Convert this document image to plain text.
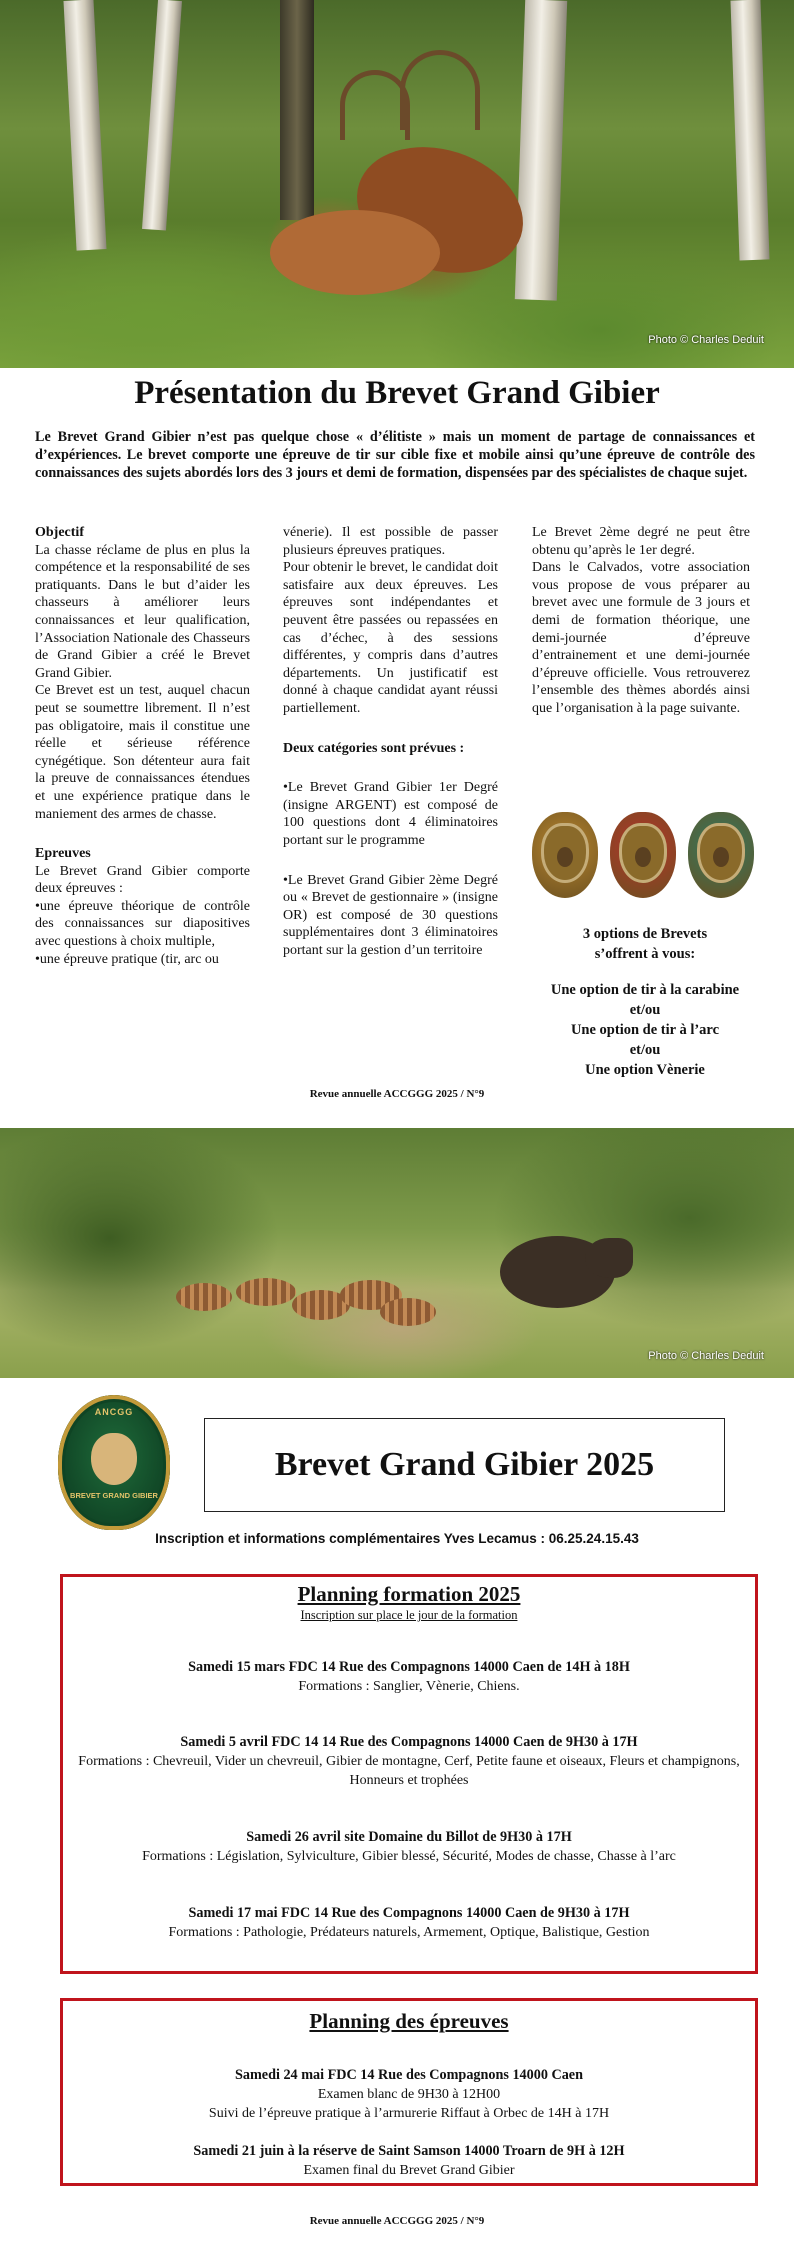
Photo © Charles Deduit
Présentation du Brevet Grand Gibier

Le Brevet Grand Gibier n’est pas quelque chose « d’élitiste » mais un moment de partage de connaissances et d’expériences. Le brevet comporte une épreuve de tir sur cible fixe et mobile ainsi qu’une épreuve de contrôle des connaissances des sujets abordés lors des 3 jours et demi de formation, dispensées par des spécialistes de chaque sujet.

Objectif

La chasse réclame de plus en plus la compétence et la responsabilité de ses pratiquants. Dans le but d’aider les chasseurs à améliorer leurs connaissances et leur qualification, l’Association Nationale des Chasseurs de Grand Gibier a créé le Brevet Grand Gibier.

Ce Brevet est un test, auquel chacun peut se soumettre librement. Il n’est pas obligatoire, mais il constitue une réelle et sérieuse référence cynégétique. Son détenteur aura fait la preuve de connaissances étendues et une expérience pratique dans le maniement des armes de chasse.

Epreuves

Le Brevet Grand Gibier comporte deux épreuves :

•une épreuve théorique de contrôle des connaissances sur diapositives avec questions à choix multiple,

•une épreuve pratique (tir, arc ou

vénerie). Il est possible de passer plusieurs épreuves pratiques.

Pour obtenir le brevet, le candidat doit satisfaire aux deux épreuves. Les épreuves sont indépendantes et peuvent être passées ou repassées en cas d’échec, à des sessions différentes, y compris dans d’autres départements. Un justificatif est donné à chaque candidat ayant réussi partiellement.

Deux catégories sont prévues :

•Le Brevet Grand Gibier 1er Degré (insigne ARGENT) est composé de 100 questions dont 4 éliminatoires portant sur le programme

•Le Brevet Grand Gibier 2ème Degré ou « Brevet de gestionnaire » (insigne OR) est composé de 30 questions supplémentaires dont 3 éliminatoires portant sur la gestion d’un territoire

Le Brevet 2ème degré ne peut être obtenu qu’après le 1er degré.

Dans le Calvados, votre association vous propose de vous préparer au brevet avec une formule de 3 jours et demi de formation théorique, une demi-journée d’épreuve d’entrainement et une demi-journée d’épreuve officielle. Vous retrouverez l’ensemble des thèmes abordés ainsi que l’organisation à la page suivante.

3 options de Brevets
s’offrent à vous:
Une option de tir à la carabine
et/ou
Une option de tir à l’arc
et/ou
Une option Vènerie
Revue annuelle ACCGGG 2025 / N°9
Photo © Charles Deduit
ANCGG
BREVET GRAND GIBIER
Brevet Grand Gibier 2025
Inscription et informations complémentaires Yves Lecamus : 06.25.24.15.43
Planning formation 2025
Inscription sur place le jour de la formation
Samedi 15 mars FDC 14 Rue des Compagnons 14000 Caen de 14H à 18H
Formations : Sanglier, Vènerie, Chiens.
Samedi 5 avril FDC 14 14 Rue des Compagnons 14000 Caen de 9H30 à 17H
Formations : Chevreuil, Vider un chevreuil, Gibier de montagne, Cerf, Petite faune et oiseaux, Fleurs et champignons, Honneurs et trophées
Samedi 26 avril site Domaine du Billot de 9H30 à 17H
Formations : Législation, Sylviculture, Gibier blessé, Sécurité, Modes de chasse, Chasse à l’arc
Samedi 17 mai FDC 14 Rue des Compagnons 14000 Caen de 9H30 à 17H
Formations : Pathologie, Prédateurs naturels, Armement, Optique, Balistique, Gestion
Planning des épreuves
Samedi 24 mai FDC 14 Rue des Compagnons 14000 Caen
Examen blanc de 9H30 à 12H00
Suivi de l’épreuve pratique à l’armurerie Riffaut à Orbec de 14H à 17H
Samedi 21 juin à la réserve de Saint Samson 14000 Troarn de 9H à 12H
Examen final du Brevet Grand Gibier
Revue annuelle ACCGGG 2025 / N°9
